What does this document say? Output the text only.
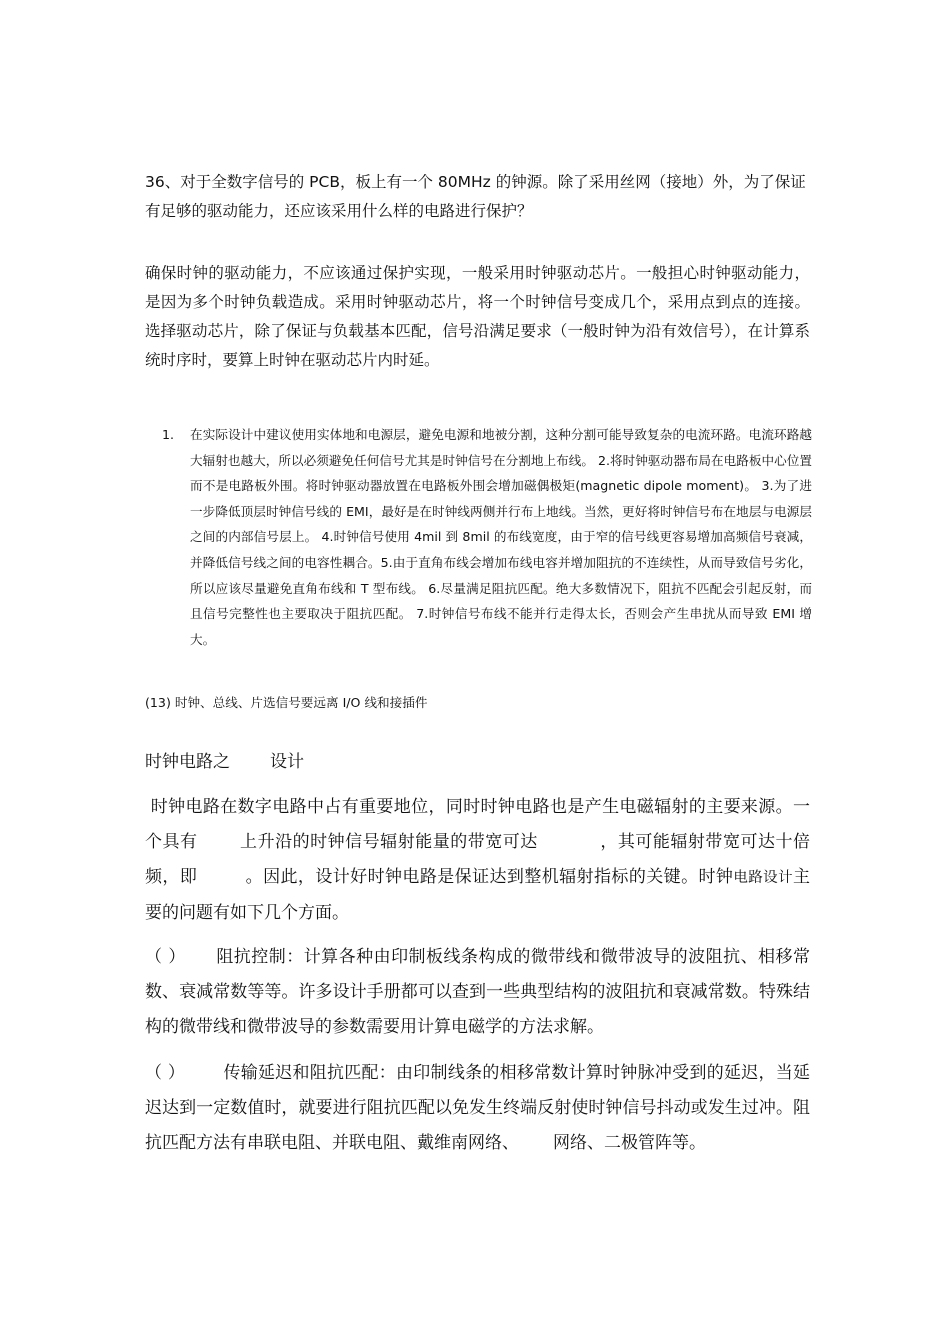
36、对于全数字信号的 PCB，板上有一个 80MHz 的钟源。除了采用丝网（接地）外，为了保证有足够的驱动能力，还应该采用什么样的电路进行保护？

确保时钟的驱动能力，不应该通过保护实现，一般采用时钟驱动芯片。一般担心时钟驱动能力，是因为多个时钟负载造成。采用时钟驱动芯片，将一个时钟信号变成几个，采用点到点的连接。选择驱动芯片，除了保证与负载基本匹配，信号沿满足要求（一般时钟为沿有效信号），在计算系统时序时，要算上时钟在驱动芯片内时延。

1.	在实际设计中建议使用实体地和电源层，避免电源和地被分割，这种分割可能导致复杂的电流环路。电流环路越大辐射也越大，所以必须避免任何信号尤其是时钟信号在分割地上布线。 2.将时钟驱动器布局在电路板中心位置而不是电路板外围。将时钟驱动器放置在电路板外围会增加磁偶极矩(magnetic dipole moment)。 3.为了进一步降低顶层时钟信号线的 EMI，最好是在时钟线两侧并行布上地线。当然，更好将时钟信号布在地层与电源层之间的内部信号层上。 4.时钟信号使用 4mil 到 8mil 的布线宽度，由于窄的信号线更容易增加高频信号衰减，并降低信号线之间的电容性耦合。5.由于直角布线会增加布线电容并增加阻抗的不连续性，从而导致信号劣化，所以应该尽量避免直角布线和 T 型布线。 6.尽量满足阻抗匹配。绝大多数情况下，阻抗不匹配会引起反射，而且信号完整性也主要取决于阻抗匹配。 7.时钟信号布线不能并行走得太长，否则会产生串扰从而导致 EMI 增大。

(13) 时钟、总线、片选信号要远离 I/O 线和接插件

时钟电路之 设计

时钟电路在数字电路中占有重要地位，同时时钟电路也是产生电磁辐射的主要来源。一个具有 上升沿的时钟信号辐射能量的带宽可达	，其可能辐射带宽可达十倍频，即	。因此，设计好时钟电路是保证达到整机辐射指标的关键。时钟电路设计主要的问题有如下几个方面。

（ ） 阻抗控制：计算各种由印制板线条构成的微带线和微带波导的波阻抗、相移常数、衰减常数等等。许多设计手册都可以查到一些典型结构的波阻抗和衰减常数。特殊结构的微带线和微带波导的参数需要用计算电磁学的方法求解。

（ ） 传输延迟和阻抗匹配：由印制线条的相移常数计算时钟脉冲受到的延迟，当延迟达到一定数值时，就要进行阻抗匹配以免发生终端反射使时钟信号抖动或发生过冲。阻抗匹配方法有串联电阻、并联电阻、戴维南网络、 网络、二极管阵等。
